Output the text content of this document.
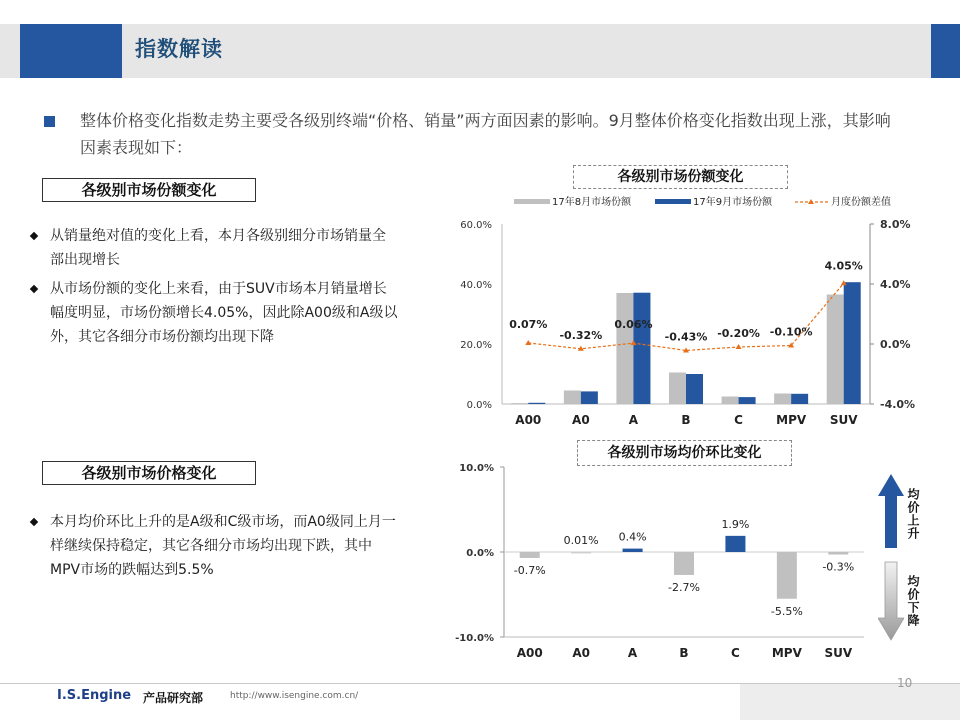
指数解读
整体价格变化指数走势主要受各级别终端“价格、销量”两方面因素的影响。9月整体价格变化指数出现上涨，其影响因素表现如下：
各级别市场份额变化
从销量绝对值的变化上看，本月各级别细分市场销量全部出现增长
从市场份额的变化上来看，由于SUV市场本月销量增长幅度明显，市场份额增长4.05%，因此除A00级和A级以外，其它各细分市场份额均出现下降
各级别市场价格变化
本月均价环比上升的是A级和C级市场，而A0级同上月一样继续保持稳定，其它各细分市场均出现下跌，其中MPV市场的跌幅达到5.5%
各级别市场份额变化
各级别市场均价环比变化
0.0%
20.0%
40.0%
60.0%
-4.0%
0.0%
4.0%
8.0%
A00	A0	A	B	C	MPV SUV
0.07%
-0.32%
0.06%
-0.43% -0.20% -0.10%
4.05%
17年8月市场份额	17年9月市场份额	月度份额差值
-10.0%
0.0%
10.0%
-0.7%
A00
0.01%
A0
0.4%
A
-2.7%
B
1.9%
C
-5.5%
MPV
-0.3%
SUV
均价上升
均价下降
I.S.Engine 产品研究部	http://www.isengine.com.cn/
10
